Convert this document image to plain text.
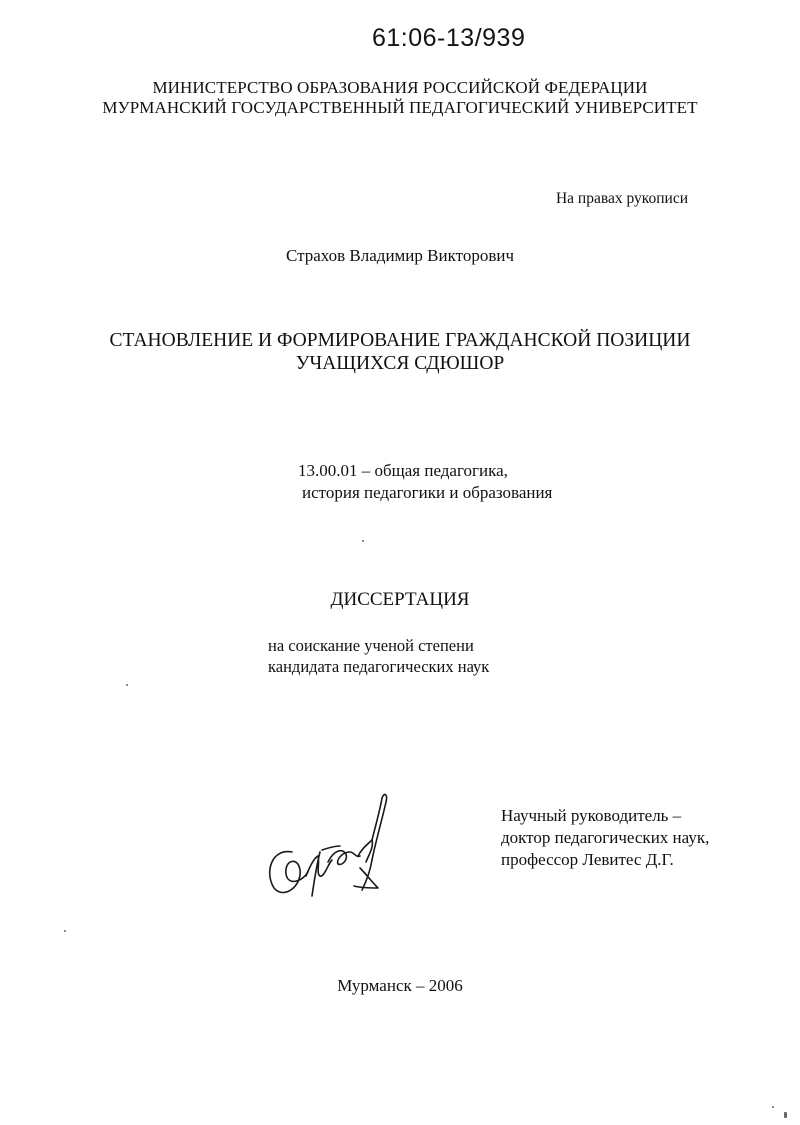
61:06-13/939
МИНИСТЕРСТВО ОБРАЗОВАНИЯ РОССИЙСКОЙ ФЕДЕРАЦИИ
МУРМАНСКИЙ ГОСУДАРСТВЕННЫЙ ПЕДАГОГИЧЕСКИЙ УНИВЕРСИТЕТ
На правах рукописи
Страхов Владимир Викторович
СТАНОВЛЕНИЕ И ФОРМИРОВАНИЕ ГРАЖДАНСКОЙ ПОЗИЦИИ
УЧАЩИХСЯ СДЮШОР
13.00.01 – общая педагогика,
история педагогики и образования
ДИССЕРТАЦИЯ
на соискание ученой степени
кандидата педагогических наук
Научный руководитель –
доктор педагогических наук,
профессор Левитес Д.Г.
Мурманск – 2006
